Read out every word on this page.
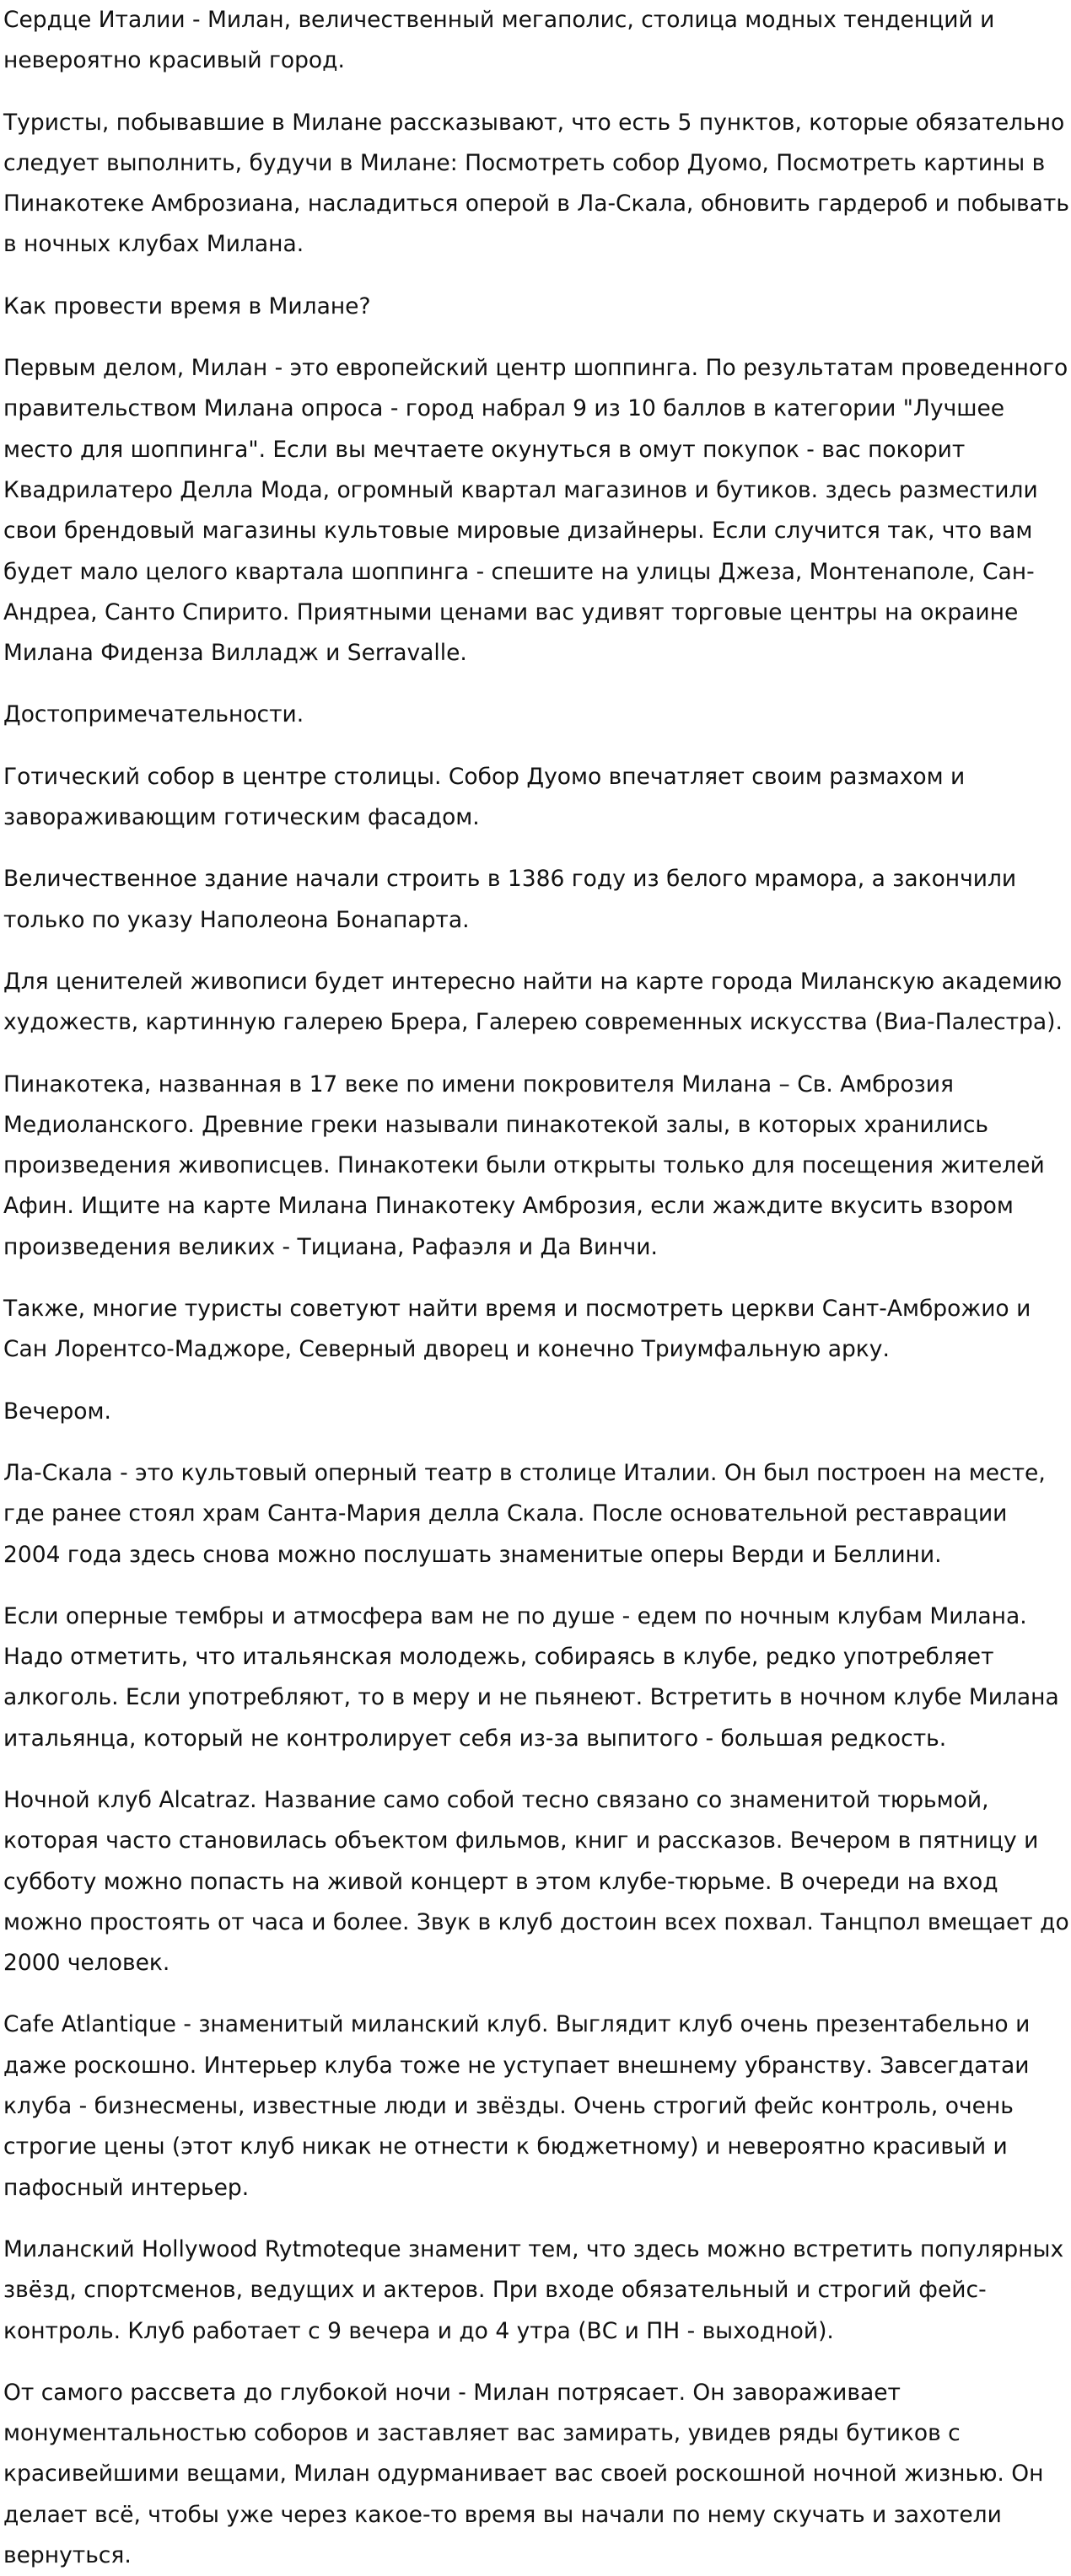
Сердце Италии - Милан, величественный мегаполис, столица модных тенденций и невероятно красивый город.

Туристы, побывавшие в Милане рассказывают, что есть 5 пунктов, которые обязательно следует выполнить, будучи в Милане: Посмотреть собор Дуомо, Посмотреть картины в Пинакотеке Амброзиана, насладиться оперой в Ла-Скала, обновить гардероб и побывать в ночных клубах Милана.

Как провести время в Милане?

Первым делом, Милан - это европейский центр шоппинга. По результатам проведенного правительством Милана опроса - город набрал 9 из 10 баллов в категории "Лучшее место для шоппинга". Если вы мечтаете окунуться в омут покупок - вас покорит Квадрилатеро Делла Мода, огромный квартал магазинов и бутиков. здесь разместили свои брендовый магазины культовые мировые дизайнеры. Если случится так, что вам будет мало целого квартала шоппинга - спешите на улицы Джеза, Монтенаполе, Сан-Андреа, Санто Спирито. Приятными ценами вас удивят торговые центры на окраине Милана Фиденза Вилладж и Serravalle.

Достопримечательности.

Готический собор в центре столицы. Собор Дуомо впечатляет своим размахом и завораживающим готическим фасадом.

Величественное здание начали строить в 1386 году из белого мрамора, а закончили только по указу Наполеона Бонапарта.

Для ценителей живописи будет интересно найти на карте города Миланскую академию художеств, картинную галерею Брера, Галерею современных искусства (Виа-Палестра).

Пинакотека, названная в 17 веке по имени покровителя Милана – Св. Амброзия Медиоланского. Древние греки называли пинакотекой залы, в которых хранились произведения живописцев. Пинакотеки были открыты только для посещения жителей Афин. Ищите на карте Милана Пинакотеку Амброзия, если жаждите вкусить взором произведения великих - Тициана, Рафаэля и Да Винчи.

Также, многие туристы советуют найти время и посмотреть церкви Сант-Амброжио и Сан Лорентсо-Маджоре, Северный дворец и конечно Триумфальную арку.

Вечером.

Ла-Скала - это культовый оперный театр в столице Италии. Он был построен на месте, где ранее стоял храм Санта-Мария делла Скала. После основательной реставрации 2004 года здесь снова можно послушать знаменитые оперы Верди и Беллини.

Если оперные тембры и атмосфера вам не по душе - едем по ночным клубам Милана. Надо отметить, что итальянская молодежь, собираясь в клубе, редко употребляет алкоголь. Если употребляют, то в меру и не пьянеют. Встретить в ночном клубе Милана итальянца, который не контролирует себя из-за выпитого - большая редкость.

Ночной клуб Alcatraz. Название само собой тесно связано со знаменитой тюрьмой, которая часто становилась объектом фильмов, книг и рассказов. Вечером в пятницу и субботу можно попасть на живой концерт в этом клубе-тюрьме. В очереди на вход можно простоять от часа и более. Звук в клуб достоин всех похвал. Танцпол вмещает до 2000 человек.

Cafe Atlantique - знаменитый миланский клуб. Выглядит клуб очень презентабельно и даже роскошно. Интерьер клуба тоже не уступает внешнему убранству. Завсегдатаи клуба - бизнесмены, известные люди и звёзды. Очень строгий фейс контроль, очень строгие цены (этот клуб никак не отнести к бюджетному) и невероятно красивый и пафосный интерьер.

Миланский Hollywood Rytmoteque знаменит тем, что здесь можно встретить популярных звёзд, спортсменов, ведущих и актеров. При входе обязательный и строгий фейс-контроль. Клуб работает с 9 вечера и до 4 утра (ВС и ПН - выходной).

От самого рассвета до глубокой ночи - Милан потрясает. Он завораживает монументальностью соборов и заставляет вас замирать, увидев ряды бутиков с красивейшими вещами, Милан одурманивает вас своей роскошной ночной жизнью. Он делает всё, чтобы уже через какое-то время вы начали по нему скучать и захотели вернуться.
